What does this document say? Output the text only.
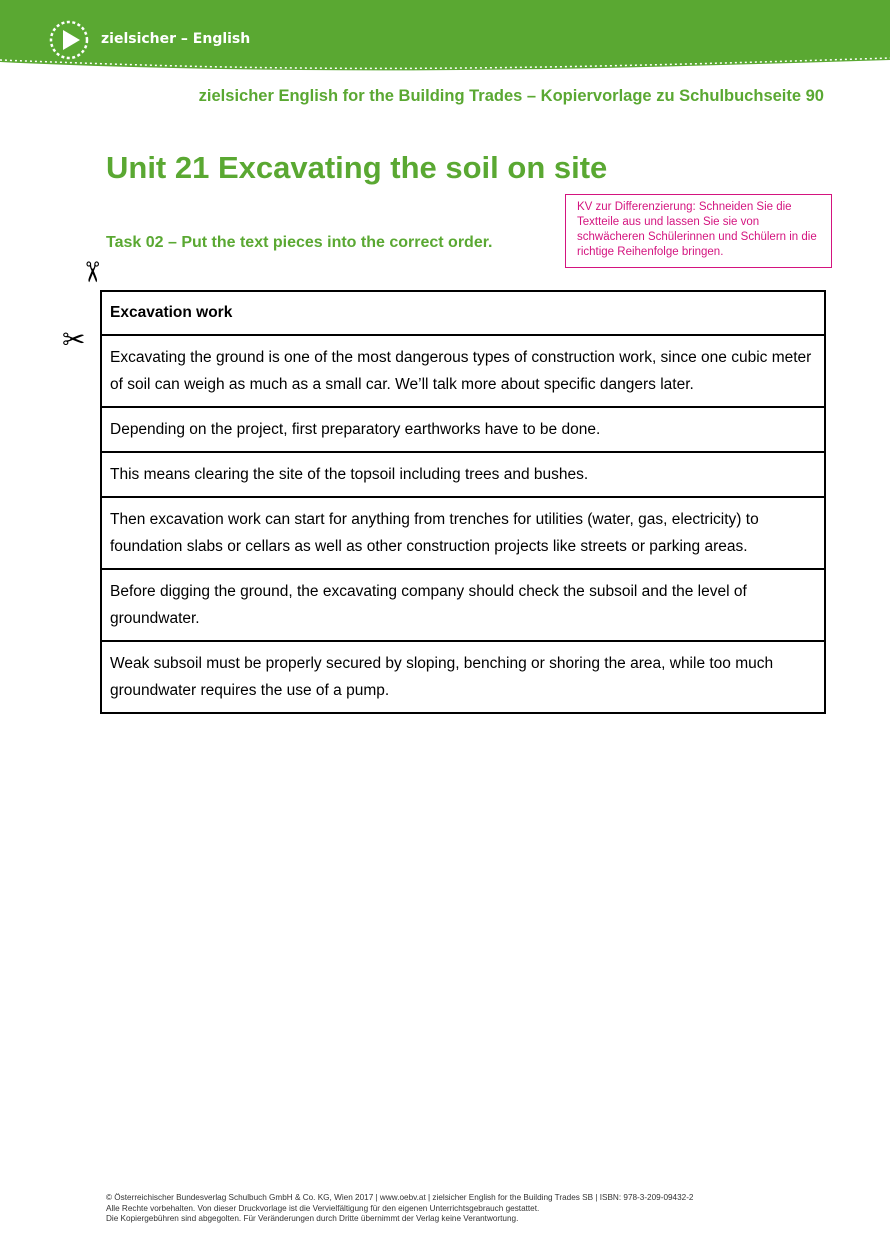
zielsicher – English
zielsicher English for the Building Trades – Kopiervorlage zu Schulbuchseite 90
Unit 21 Excavating the soil on site
Task 02 – Put the text pieces into the correct order.
KV zur Differenzierung: Schneiden Sie die Textteile aus und lassen Sie sie von schwächeren Schülerinnen und Schülern in die richtige Reihenfolge bringen.
✂
✂
Excavation work
Excavating the ground is one of the most dangerous types of construction work, since one cubic meter of soil can weigh as much as a small car. We’ll talk more about specific dangers later.
Depending on the project, first preparatory earthworks have to be done.
This means clearing the site of the topsoil including trees and bushes.
Then excavation work can start for anything from trenches for utilities (water, gas, electricity) to foundation slabs or cellars as well as other construction projects like streets or parking areas.
Before digging the ground, the excavating company should check the subsoil and the level of groundwater.
Weak subsoil must be properly secured by sloping, benching or shoring the area, while too much groundwater requires the use of a pump.
© Österreichischer Bundesverlag Schulbuch GmbH & Co. KG, Wien 2017 | www.oebv.at | zielsicher English for the Building Trades SB | ISBN: 978-3-209-09432-2
Alle Rechte vorbehalten. Von dieser Druckvorlage ist die Vervielfältigung für den eigenen Unterrichtsgebrauch gestattet.
Die Kopiergebühren sind abgegolten. Für Veränderungen durch Dritte übernimmt der Verlag keine Verantwortung.
